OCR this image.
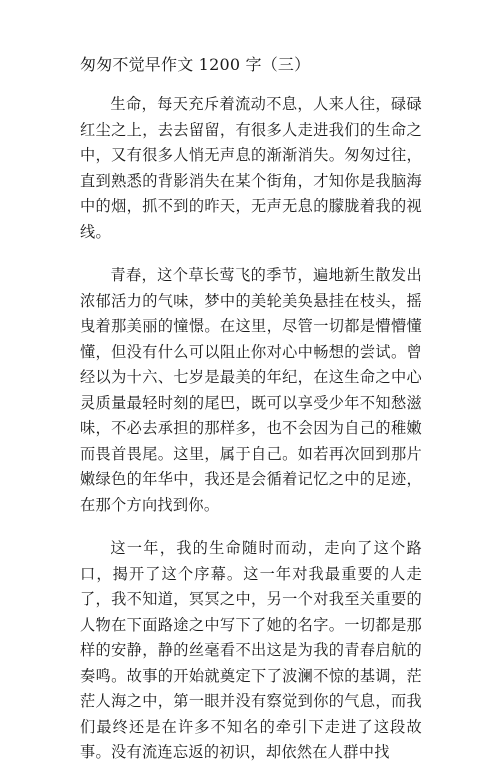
匆匆不觉早作文 1200 字（三）

生命，每天充斥着流动不息，人来人往，碌碌红尘之上，去去留留，有很多人走进我们的生命之中，又有很多人悄无声息的渐渐消失。匆匆过往，直到熟悉的背影消失在某个街角，才知你是我脑海中的烟，抓不到的昨天，无声无息的朦胧着我的视线。

青春，这个草长莺飞的季节，遍地新生散发出浓郁活力的气味，梦中的美轮美奂悬挂在枝头，摇曳着那美丽的憧憬。在这里，尽管一切都是懵懵懂懂，但没有什么可以阻止你对心中畅想的尝试。曾经以为十六、七岁是最美的年纪，在这生命之中心灵质量最轻时刻的尾巴，既可以享受少年不知愁滋味，不必去承担的那样多，也不会因为自己的稚嫩而畏首畏尾。这里，属于自己。如若再次回到那片嫩绿色的年华中，我还是会循着记忆之中的足迹，在那个方向找到你。

这一年，我的生命随时而动，走向了这个路口，揭开了这个序幕。这一年对我最重要的人走了，我不知道，冥冥之中，另一个对我至关重要的人物在下面路途之中写下了她的名字。一切都是那样的安静，静的丝毫看不出这是为我的青春启航的奏鸣。故事的开始就奠定下了波澜不惊的基调，茫茫人海之中，第一眼并没有察觉到你的气息，而我们最终还是在许多不知名的牵引下走进了这段故事。没有流连忘返的初识，却依然在人群中找
